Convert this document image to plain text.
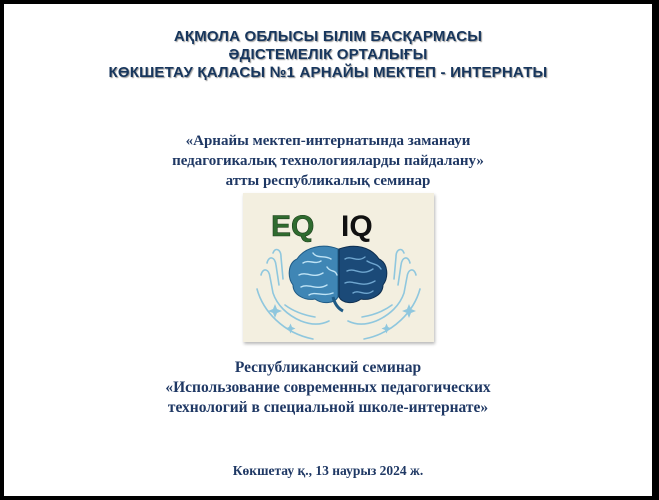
АҚМОЛА ОБЛЫСЫ БІЛІМ БАСҚАРМАСЫ

ӘДІСТЕМЕЛІК ОРТАЛЫҒЫ

КӨКШЕТАУ ҚАЛАСЫ №1 АРНАЙЫ МЕКТЕП - ИНТЕРНАТЫ

«Арнайы мектеп-интернатында заманауи

педагогикалық технологияларды пайдалану»

атты республикалық семинар

EQ IQ

Республиканский семинар

«Использование современных педагогических

технологий в специальной школе-интернате»

Көкшетау қ., 13 наурыз 2024 ж.
